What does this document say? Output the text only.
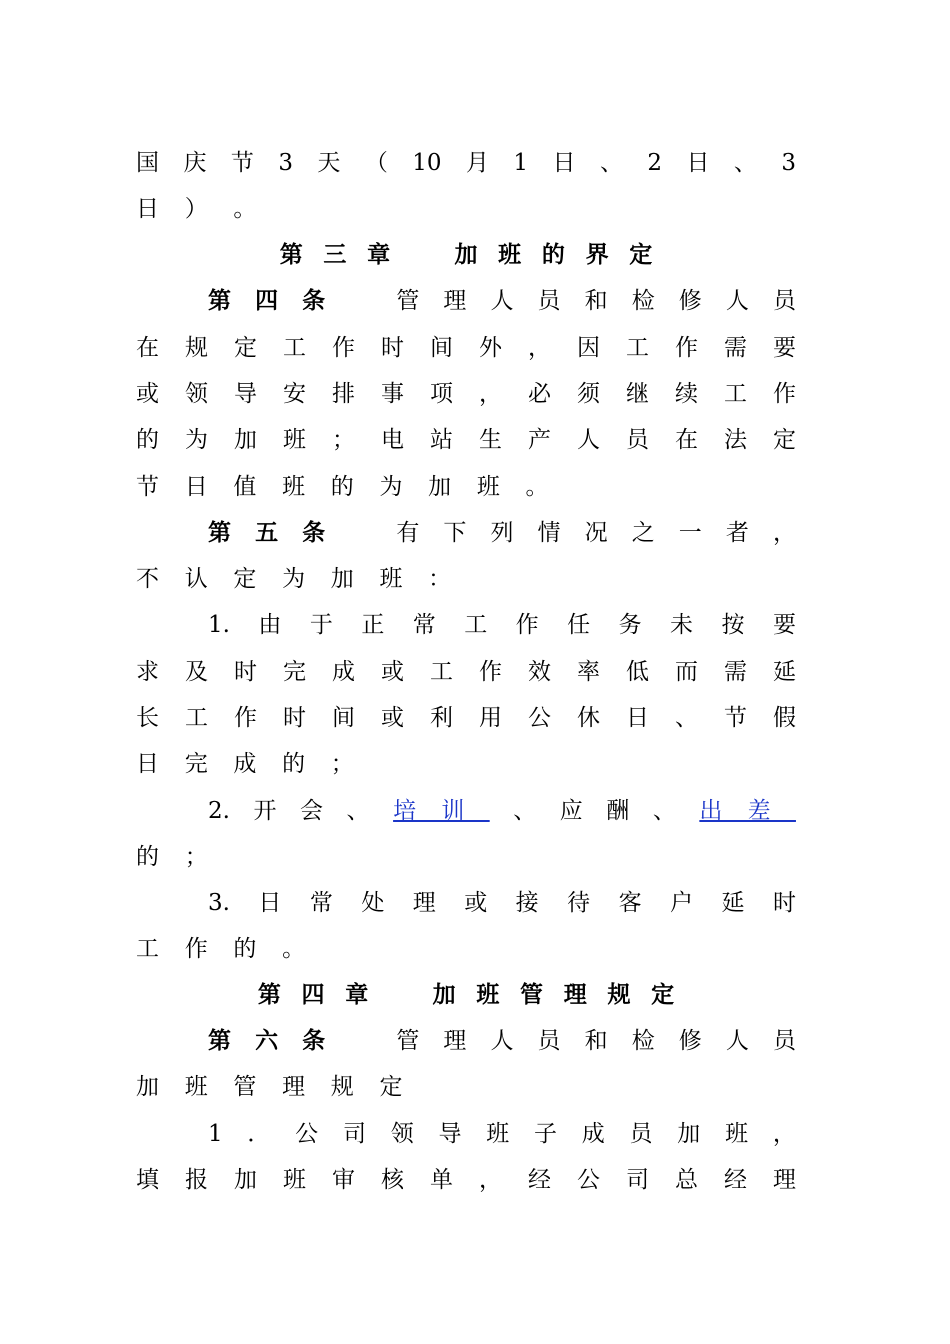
国 庆 节 3 天 （ 10 月 1 日 、 2 日 、 3
日	）	。
第三章　加班的界定
第 四 条
　	管 理 人 员 和 检 修 人 员
在 规 定 工 作 时 间 外 ， 因 工 作 需 要
或 领 导 安 排 事 项 ， 必 须 继 续 工 作
的 为 加 班 ； 电 站 生 产 人 员 在 法 定
节	日	值	班	的	为	加	班	。
第 五 条
　	有 下 列 情 况 之 一 者 ，
不	认	定	为	加	班	：
1. 由 于 正 常 工 作 任 务 未 按 要
求 及 时 完 成 或 工 作 效 率 低 而 需 延
长 工 作 时 间 或 利 用 公 休 日 、 节 假
日	完	成	的	；
2. 开 会 、 培训 、 应 酬 、 出差
的	；
3. 日 常 处 理 或 接 待 客 户 延 时
工	作	的	。
第四章　加班管理规定
第 六 条
　	管 理 人 员 和 检 修 人 员
加	班	管	理	规	定
1 ． 公 司 领 导 班 子 成 员 加 班 ，
填 报 加 班 审 核 单 ， 经 公 司 总 经 理
